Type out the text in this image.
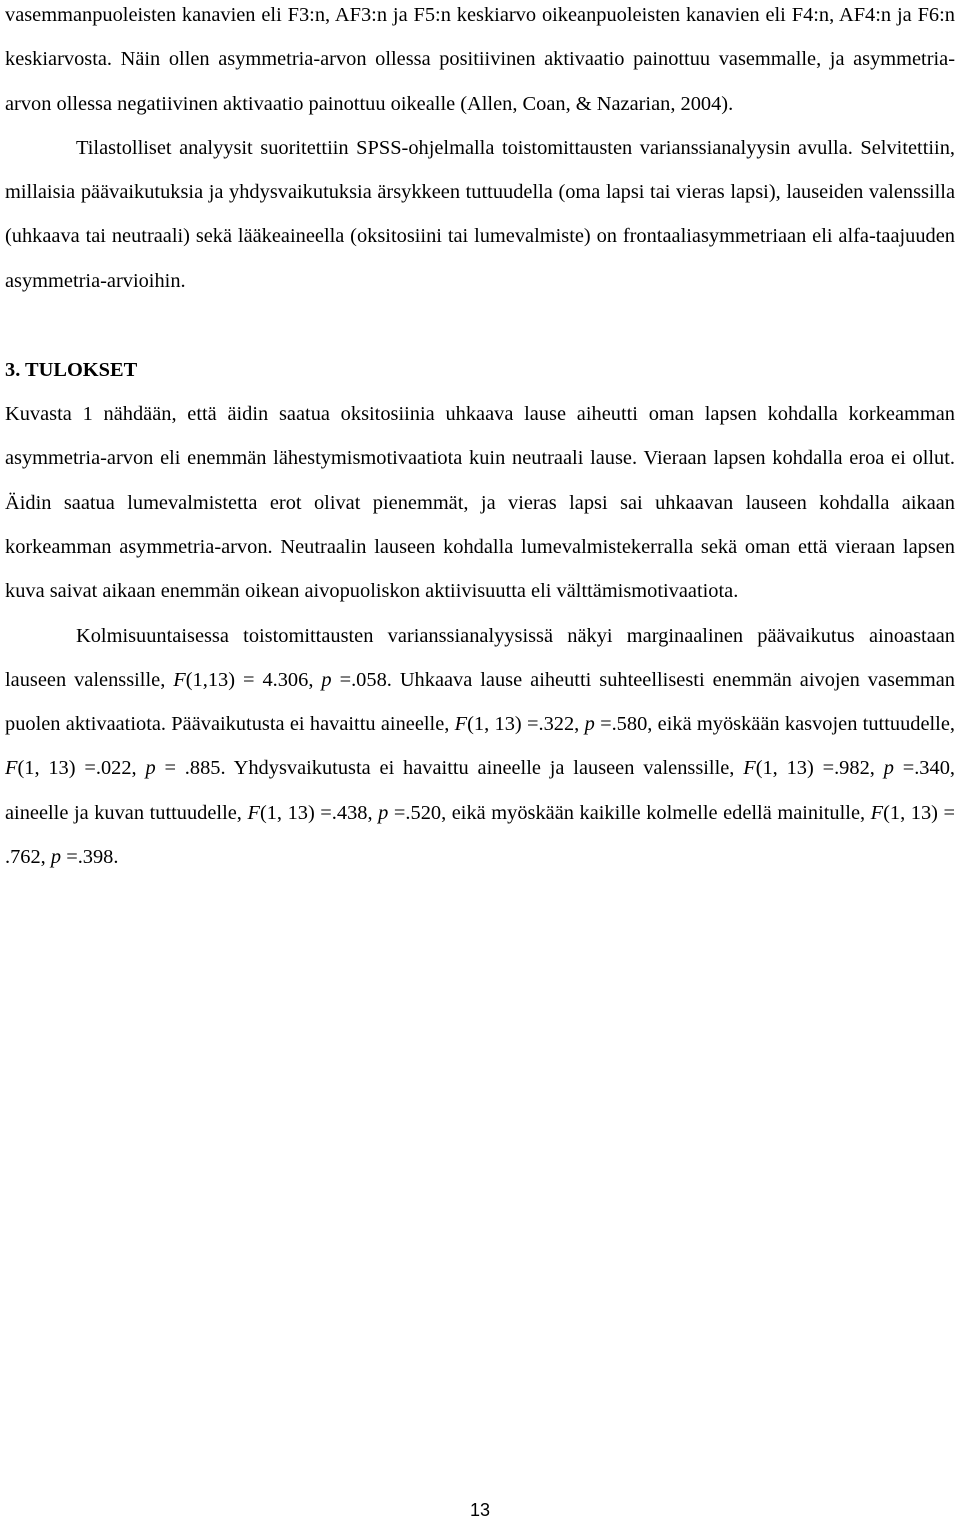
vasemmanpuoleisten kanavien eli F3:n, AF3:n ja F5:n keskiarvo oikeanpuoleisten kanavien eli F4:n, AF4:n ja F6:n keskiarvosta. Näin ollen asymmetria-arvon ollessa positiivinen aktivaatio painottuu vasemmalle, ja asymmetria-arvon ollessa negatiivinen aktivaatio painottuu oikealle (Allen, Coan, & Nazarian, 2004).

Tilastolliset analyysit suoritettiin SPSS-ohjelmalla toistomittausten varianssianalyysin avulla. Selvitettiin, millaisia päävaikutuksia ja yhdysvaikutuksia ärsykkeen tuttuudella (oma lapsi tai vieras lapsi), lauseiden valenssilla (uhkaava tai neutraali) sekä lääkeaineella (oksitosiini tai lumevalmiste) on frontaaliasymmetriaan eli alfa-taajuuden asymmetria-arvioihin.

3. TULOKSET

Kuvasta 1 nähdään, että äidin saatua oksitosiinia uhkaava lause aiheutti oman lapsen kohdalla korkeamman asymmetria-arvon eli enemmän lähestymismotivaatiota kuin neutraali lause. Vieraan lapsen kohdalla eroa ei ollut. Äidin saatua lumevalmistetta erot olivat pienemmät, ja vieras lapsi sai uhkaavan lauseen kohdalla aikaan korkeamman asymmetria-arvon. Neutraalin lauseen kohdalla lumevalmistekerralla sekä oman että vieraan lapsen kuva saivat aikaan enemmän oikean aivopuoliskon aktiivisuutta eli välttämismotivaatiota.

Kolmisuuntaisessa toistomittausten varianssianalyysissä näkyi marginaalinen päävaikutus ainoastaan lauseen valenssille, F(1,13) = 4.306, p =.058. Uhkaava lause aiheutti suhteellisesti enemmän aivojen vasemman puolen aktivaatiota. Päävaikutusta ei havaittu aineelle, F(1, 13) =.322, p =.580, eikä myöskään kasvojen tuttuudelle, F(1, 13) =.022, p = .885. Yhdysvaikutusta ei havaittu aineelle ja lauseen valenssille, F(1, 13) =.982, p =.340, aineelle ja kuvan tuttuudelle, F(1, 13) =.438, p =.520, eikä myöskään kaikille kolmelle edellä mainitulle, F(1, 13) = .762, p =.398.

13
